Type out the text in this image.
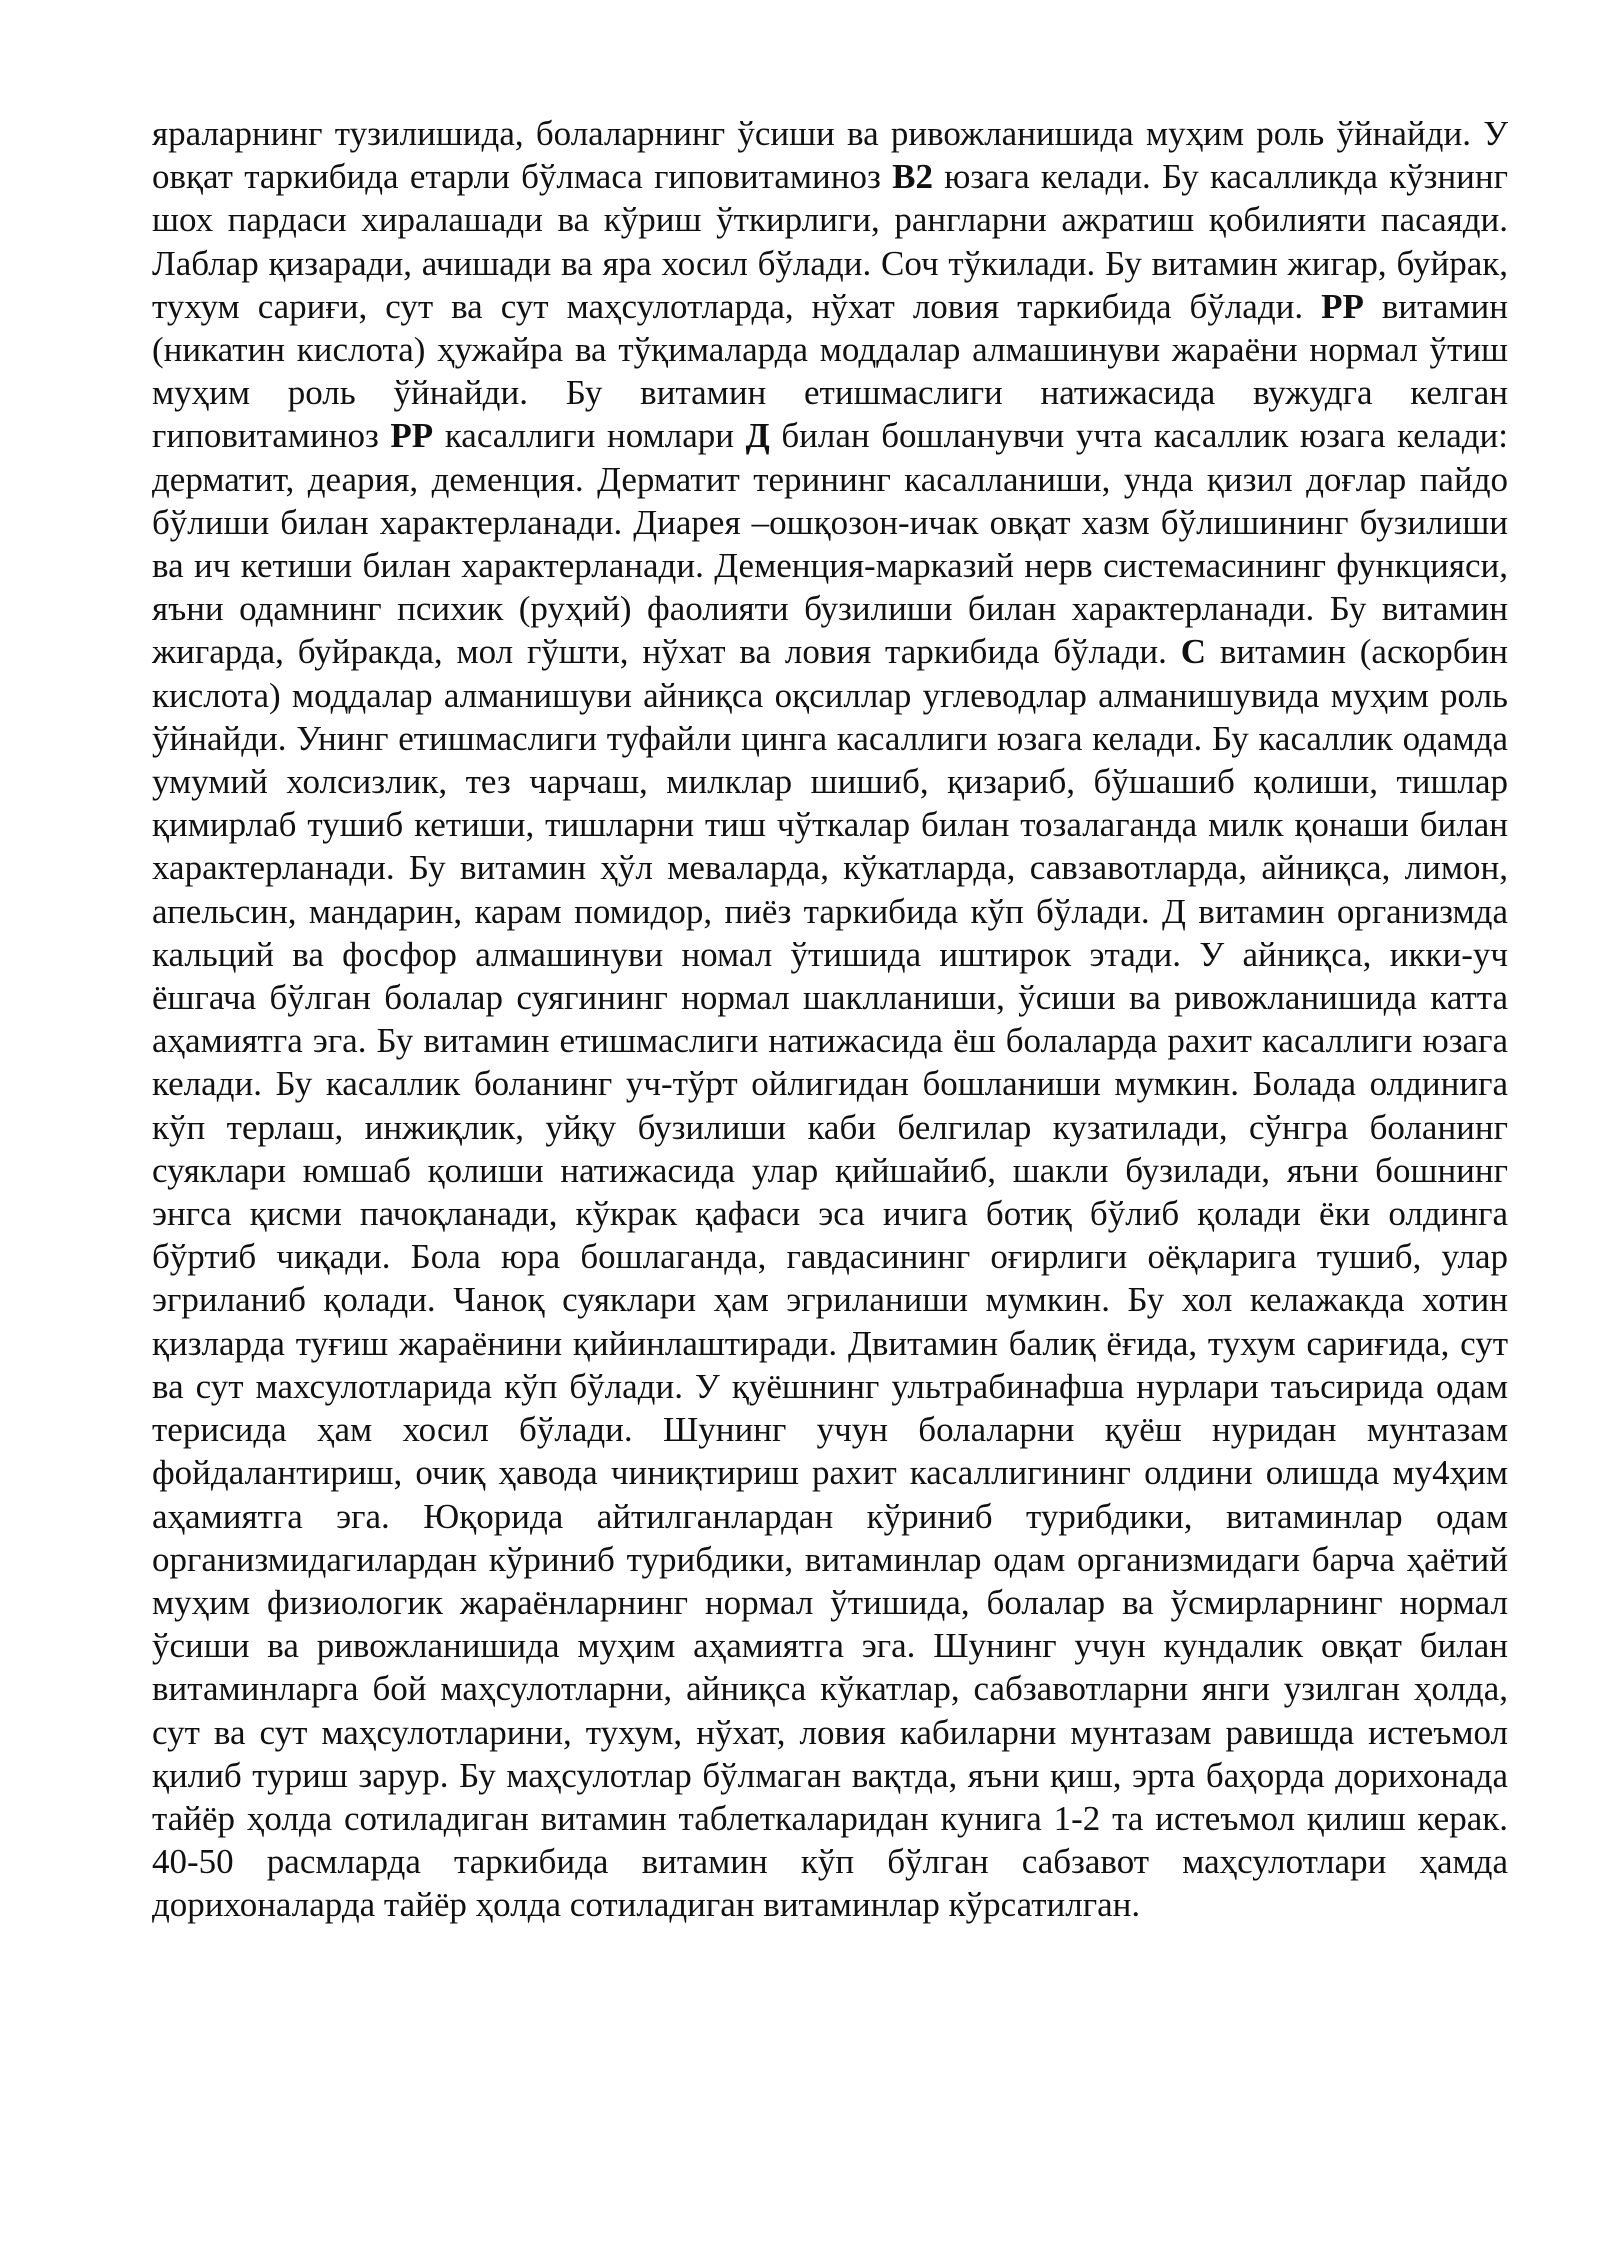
яраларнинг тузилишида, болаларнинг ўсиши ва ривожланишида муҳим роль ўйнайди. У овқат таркибида етарли бўлмаса гиповитаминоз В2 юзага келади. Бу касалликда кўзнинг шох пардаси хиралашади ва кўриш ўткирлиги, рангларни ажратиш қобилияти пасаяди. Лаблар қизаради, ачишади ва яра хосил бўлади. Соч тўкилади. Бу витамин жигар, буйрак, тухум сариғи, сут ва сут маҳсулотларда, нўхат ловия таркибида бўлади. РР витамин (никатин кислота) ҳужайра ва тўқималарда моддалар алмашинуви жараёни нормал ўтиш муҳим роль ўйнайди. Бу витамин етишмаслиги натижасида вужудга келган гиповитаминоз РР касаллиги номлари Д билан бошланувчи учта касаллик юзага келади: дерматит, деария, деменция. Дерматит терининг касалланиши, унда қизил доғлар пайдо бўлиши билан характерланади. Диарея –ошқозон-ичак овқат хазм бўлишининг бузилиши ва ич кетиши билан характерланади. Деменция-марказий нерв системасининг функцияси, яъни одамнинг психик (руҳий) фаолияти бузилиши билан характерланади. Бу витамин жигарда, буйракда, мол гўшти, нўхат ва ловия таркибида бўлади. С витамин (аскорбин кислота) моддалар алманишуви айниқса оқсиллар углеводлар алманишувида муҳим роль ўйнайди. Унинг етишмаслиги туфайли цинга касаллиги юзага келади. Бу касаллик одамда умумий холсизлик, тез чарчаш, милклар шишиб, қизариб, бўшашиб қолиши, тишлар қимирлаб тушиб кетиши, тишларни тиш чўткалар билан тозалаганда милк қонаши билан характерланади. Бу витамин ҳўл меваларда, кўкатларда, савзавотларда, айниқса, лимон, апельсин, мандарин, карам помидор, пиёз таркибида кўп бўлади. Д витамин организмда кальций ва фосфор алмашинуви номал ўтишида иштирок этади. У айниқса, икки-уч ёшгача бўлган болалар суягининг нормал шаклланиши, ўсиши ва ривожланишида катта аҳамиятга эга. Бу витамин етишмаслиги натижасида ёш болаларда рахит касаллиги юзага келади. Бу касаллик боланинг уч-тўрт ойлигидан бошланиши мумкин. Болада олдинига кўп терлаш, инжиқлик, уйқу бузилиши каби белгилар кузатилади, сўнгра боланинг суяклари юмшаб қолиши натижасида улар қийшайиб, шакли бузилади, яъни бошнинг энгса қисми пачоқланади, кўкрак қафаси эса ичига ботиқ бўлиб қолади ёки олдинга бўртиб чиқади. Бола юра бошлаганда, гавдасининг оғирлиги оёқларига тушиб, улар эгриланиб қолади. Чаноқ суяклари ҳам эгриланиши мумкин. Бу хол келажакда хотин қизларда туғиш жараёнини қийинлаштиради. Двитамин балиқ ёғида, тухум сариғида, сут ва сут махсулотларида кўп бўлади. У қуёшнинг ультрабинафша нурлари таъсирида одам терисида ҳам хосил бўлади. Шунинг учун болаларни қуёш нуридан мунтазам фойдалантириш, очиқ ҳавода чиниқтириш рахит касаллигининг олдини олишда му4ҳим аҳамиятга эга. Юқорида айтилганлардан кўриниб турибдики, витаминлар одам организмидагилардан кўриниб турибдики, витаминлар одам организмидаги барча ҳаётий муҳим физиологик жараёнларнинг нормал ўтишида, болалар ва ўсмирларнинг нормал ўсиши ва ривожланишида муҳим аҳамиятга эга. Шунинг учун кундалик овқат билан витаминларга бой маҳсулотларни, айниқса кўкатлар, сабзавотларни янги узилган ҳолда, сут ва сут маҳсулотларини, тухум, нўхат, ловия кабиларни мунтазам равишда истеъмол қилиб туриш зарур. Бу маҳсулотлар бўлмаган вақтда, яъни қиш, эрта баҳорда дорихонада тайёр ҳолда сотиладиган витамин таблеткаларидан кунига 1-2 та истеъмол қилиш керак. 40-50 расмларда таркибида витамин кўп бўлган сабзавот маҳсулотлари ҳамда дорихоналарда тайёр ҳолда сотиладиган витаминлар кўрсатилган.
